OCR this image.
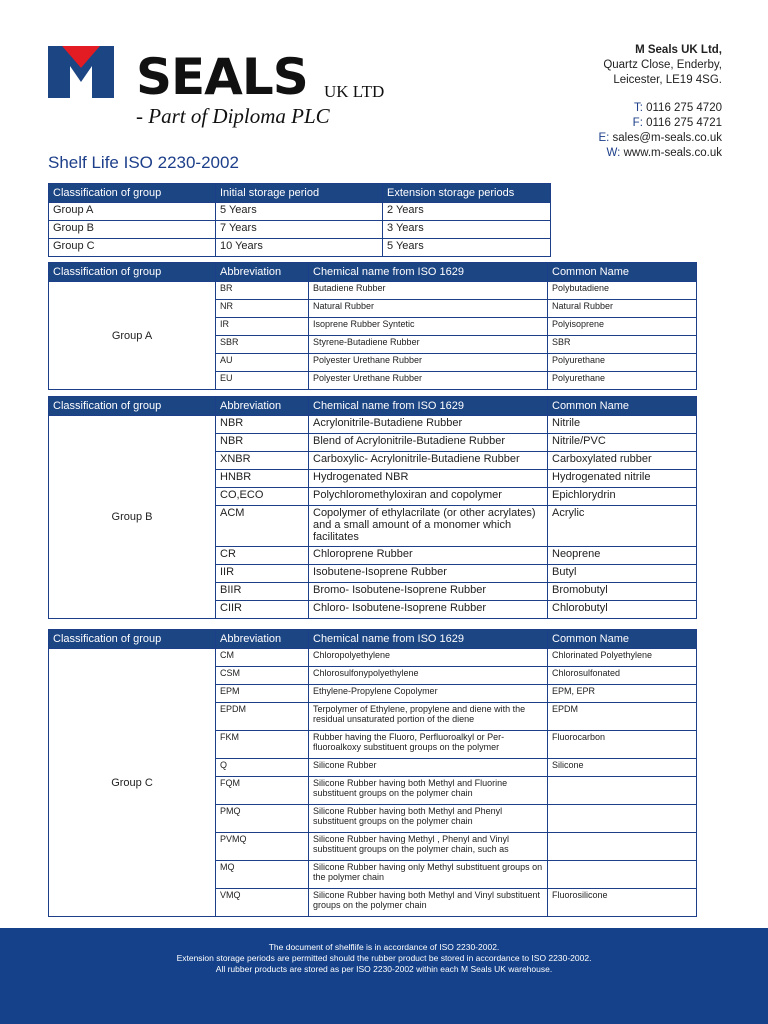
SEALS UK LTD
- Part of Diploma PLC
M Seals UK Ltd,
Quartz Close, Enderby,
Leicester, LE19 4SG.
T: 0116 275 4720
F: 0116 275 4721
E: sales@m-seals.co.uk
W: www.m-seals.co.uk
Shelf Life ISO 2230-2002
Classification of group	Initial storage period	Extension storage periods
Group A	5 Years	2 Years
Group B	7 Years	3 Years
Group C	10 Years	5 Years
Classification of group	Abbreviation	Chemical name from ISO 1629	Common Name
Group A	BR	Butadiene Rubber	Polybutadiene
	NR	Natural Rubber	Natural Rubber
	IR	Isoprene Rubber Syntetic	Polyisoprene
	SBR	Styrene-Butadiene Rubber	SBR
	AU	Polyester Urethane Rubber	Polyurethane
	EU	Polyester Urethane Rubber	Polyurethane
Classification of group	Abbreviation	Chemical name from ISO 1629	Common Name
Group B	NBR	Acrylonitrile-Butadiene Rubber	Nitrile
	NBR	Blend of Acrylonitrile-Butadiene Rubber	Nitrile/PVC
	XNBR	Carboxylic- Acrylonitrile-Butadiene Rubber	Carboxylated rubber
	HNBR	Hydrogenated NBR	Hydrogenated nitrile
	CO,ECO	Polychloromethyloxiran and copolymer	Epichlorydrin
	ACM	Copolymer of ethylacrilate (or other acrylates) and a small amount of a monomer which facilitates	Acrylic
	CR	Chloroprene Rubber	Neoprene
	IIR	Isobutene-Isoprene Rubber	Butyl
	BIIR	Bromo- Isobutene-Isoprene Rubber	Bromobutyl
	CIIR	Chloro- Isobutene-Isoprene Rubber	Chlorobutyl
Classification of group	Abbreviation	Chemical name from ISO 1629	Common Name
Group C	CM	Chloropolyethylene	Chlorinated Polyethylene
	CSM	Chlorosulfonypolyethylene	Chlorosulfonated
	EPM	Ethylene-Propylene Copolymer	EPM, EPR
	EPDM	Terpolymer of Ethylene, propylene and diene with the residual unsaturated portion of the diene	EPDM
	FKM	Rubber having the Fluoro, Perfluoroalkyl or Per-fluoroalkoxy substituent groups on the polymer	Fluorocarbon
	Q	Silicone Rubber	Silicone
	FQM	Silicone Rubber having both Methyl and Fluorine substituent groups on the polymer chain	
	PMQ	Silicone Rubber having both Methyl and Phenyl substituent groups on the polymer chain	
	PVMQ	Silicone Rubber having Methyl , Phenyl and Vinyl substituent groups on the polymer chain, such as	
	MQ	Silicone Rubber having only Methyl substituent groups on the polymer chain	
	VMQ	Silicone Rubber having both Methyl and Vinyl substituent groups on the polymer chain	Fluorosilicone
The document of shelflife is in accordance of ISO 2230-2002.
Extension storage periods are permitted should the rubber product be stored in accordance to ISO 2230-2002.
All rubber products are stored as per ISO 2230-2002 within each M Seals UK warehouse.
